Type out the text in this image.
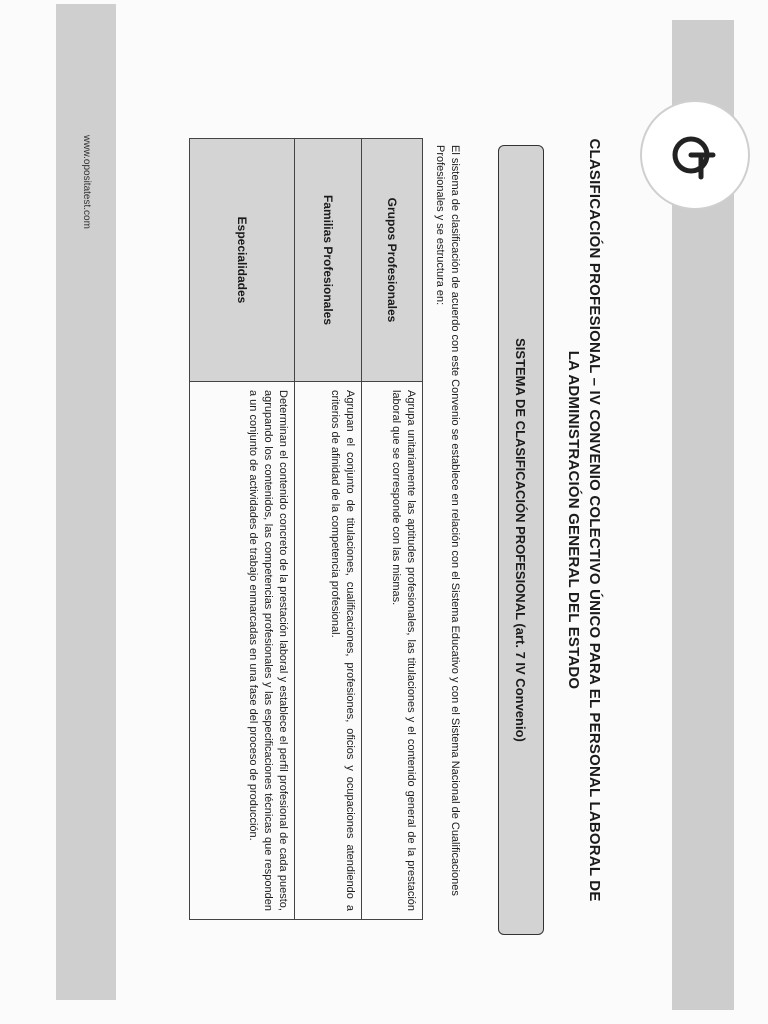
CLASIFICACIÓN PROFESIONAL – IV CONVENIO COLECTIVO ÚNICO PARA EL PERSONAL LABORAL DE LA ADMINISTRACIÓN GENERAL DEL ESTADO
SISTEMA DE CLASIFICACIÓN PROFESIONAL (art. 7 IV Convenio)
El sistema de clasificación de acuerdo con este Convenio se establece en relación con el Sistema Educativo y con el Sistema Nacional de Cualificaciones Profesionales y se estructura en:
Grupos Profesionales	Agrupa unitariamente las aptitudes profesionales, las titulaciones y el contenido general de la prestación laboral que se corresponde con las mismas.
Familias Profesionales	Agrupan el conjunto de titulaciones, cualificaciones, profesiones, oficios y ocupaciones atendiendo a criterios de afinidad de la competencia profesional.
Especialidades	Determinan el contenido concreto de la prestación laboral y establece el perfil profesional de cada puesto, agrupando los contenidos, las competencias profesionales y las especificaciones técnicas que responden a un conjunto de actividades de trabajo enmarcadas en una fase del proceso de producción.
www.opositatest.com
